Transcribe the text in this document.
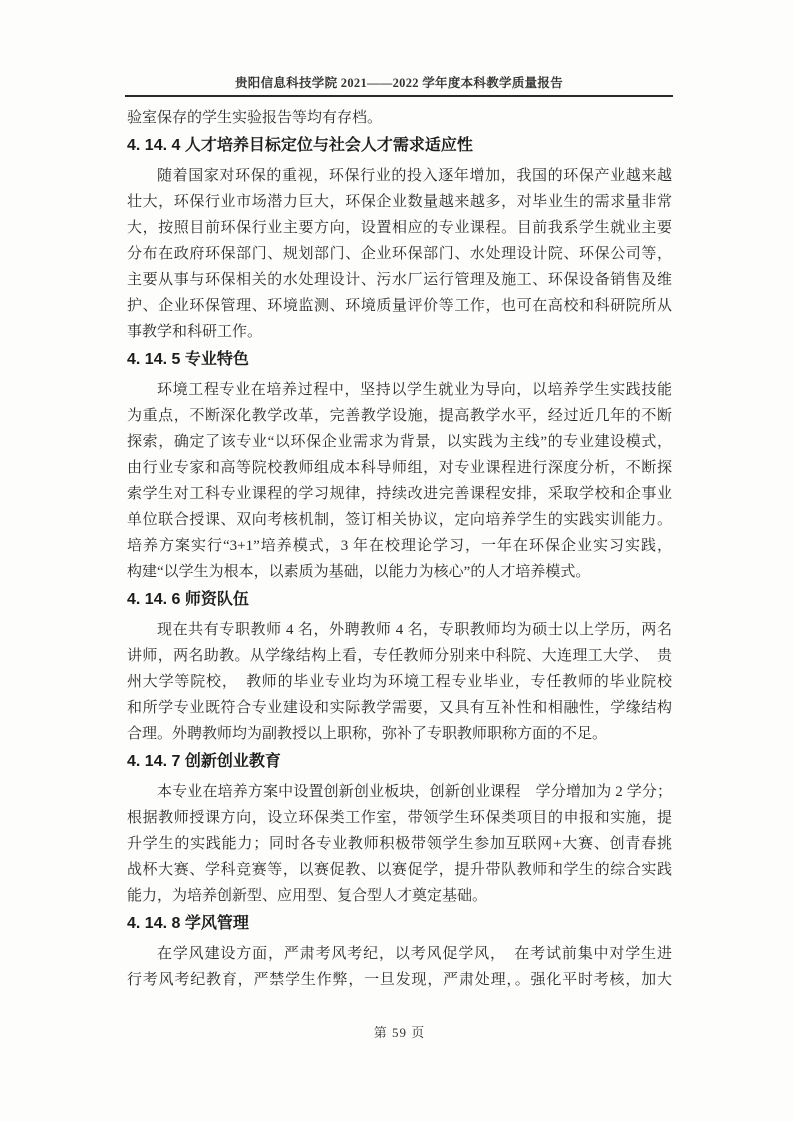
贵阳信息科技学院 2021——2022 学年度本科教学质量报告
验室保存的学生实验报告等均有存档。
4. 14. 4 人才培养目标定位与社会人才需求适应性
随着国家对环保的重视，环保行业的投入逐年增加，我国的环保产业越来越
壮大，环保行业市场潜力巨大，环保企业数量越来越多，对毕业生的需求量非常
大，按照目前环保行业主要方向，设置相应的专业课程。目前我系学生就业主要
分布在政府环保部门、规划部门、企业环保部门、水处理设计院、环保公司等，
主要从事与环保相关的水处理设计、污水厂运行管理及施工、环保设备销售及维
护、企业环保管理、环境监测、环境质量评价等工作，也可在高校和科研院所从
事教学和科研工作。
4. 14. 5 专业特色
环境工程专业在培养过程中，坚持以学生就业为导向，以培养学生实践技能
为重点，不断深化教学改革，完善教学设施，提高教学水平，经过近几年的不断
探索，确定了该专业“以环保企业需求为背景，以实践为主线”的专业建设模式，
由行业专家和高等院校教师组成本科导师组，对专业课程进行深度分析，不断探
索学生对工科专业课程的学习规律，持续改进完善课程安排，采取学校和企事业
单位联合授课、双向考核机制，签订相关协议，定向培养学生的实践实训能力。
培养方案实行“3+1”培养模式，3 年在校理论学习，一年在环保企业实习实践，
构建“以学生为根本，以素质为基础，以能力为核心”的人才培养模式。
4. 14. 6 师资队伍
现在共有专职教师 4 名，外聘教师 4 名，专职教师均为硕士以上学历，两名
讲师，两名助教。从学缘结构上看，专任教师分别来中科院、大连理工大学、　贵
州大学等院校，　教师的毕业专业均为环境工程专业毕业，专任教师的毕业院校
和所学专业既符合专业建设和实际教学需要，又具有互补性和相融性，学缘结构
合理。外聘教师均为副教授以上职称，弥补了专职教师职称方面的不足。
4. 14. 7 创新创业教育
本专业在培养方案中设置创新创业板块，创新创业课程　学分增加为 2 学分；
根据教师授课方向，设立环保类工作室，带领学生环保类项目的申报和实施，提
升学生的实践能力；同时各专业教师积极带领学生参加互联网+大赛、创青春挑
战杯大赛、学科竞赛等，以赛促教、以赛促学，提升带队教师和学生的综合实践
能力，为培养创新型、应用型、复合型人才奠定基础。
4. 14. 8 学风管理
在学风建设方面，严肃考风考纪，以考风促学风，　在考试前集中对学生进
行考风考纪教育，严禁学生作弊，一旦发现，严肃处理，。强化平时考核，加大
第 59 页
